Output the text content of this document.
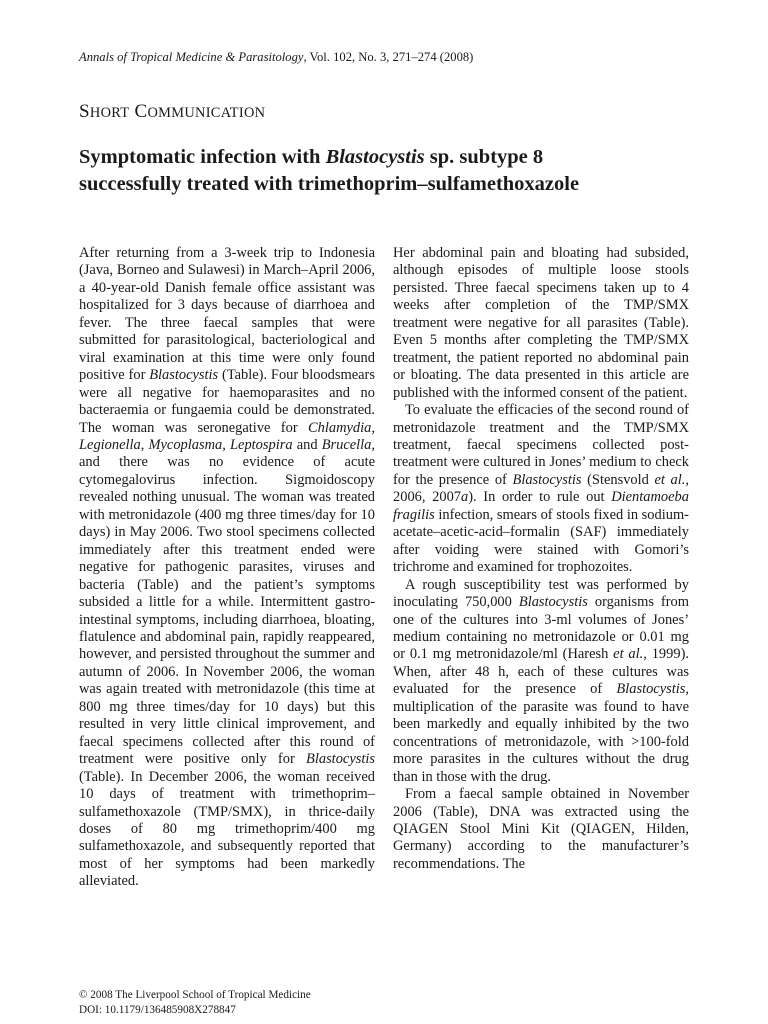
Annals of Tropical Medicine & Parasitology, Vol. 102, No. 3, 271–274 (2008)
SHORT COMMUNICATION
Symptomatic infection with Blastocystis sp. subtype 8
successfully treated with trimethoprim–sulfamethoxazole

After returning from a 3-week trip to Indonesia (Java, Borneo and Sulawesi) in March–April 2006, a 40-year-old Danish female office assistant was hospitalized for 3 days because of diarrhoea and fever. The three faecal samples that were submitted for parasitological, bacteriological and viral examination at this time were only found positive for Blastocystis (Table). Four bloodsmears were all negative for haemoparasites and no bacteraemia or fungaemia could be demonstrated. The woman was seronegative for Chlamydia, Legionella, Mycoplasma, Leptospira and Brucella, and there was no evidence of acute cytomegalovirus infection. Sigmoidoscopy revealed nothing unusual. The woman was treated with metronidazole (400 mg three times/day for 10 days) in May 2006. Two stool specimens collected immediately after this treatment ended were negative for pathogenic parasites, viruses and bacteria (Table) and the patient’s symptoms subsided a little for a while. Intermittent gastro-intestinal symptoms, including diarrhoea, bloating, flatulence and abdominal pain, rapidly reappeared, however, and persisted throughout the summer and autumn of 2006. In November 2006, the woman was again treated with metronidazole (this time at 800 mg three times/day for 10 days) but this resulted in very little clinical improvement, and faecal specimens collected after this round of treatment were positive only for Blastocystis (Table). In December 2006, the woman received 10 days of treatment with trimethoprim–sulfamethoxazole (TMP/SMX), in thrice-daily doses of 80 mg trimethoprim/400 mg sulfamethoxazole, and subsequently reported that most of her symptoms had been markedly alleviated.

Her abdominal pain and bloating had subsided, although episodes of multiple loose stools persisted. Three faecal specimens taken up to 4 weeks after completion of the TMP/SMX treatment were negative for all parasites (Table). Even 5 months after completing the TMP/SMX treatment, the patient reported no abdominal pain or bloating. The data presented in this article are published with the informed consent of the patient.

To evaluate the efficacies of the second round of metronidazole treatment and the TMP/SMX treatment, faecal specimens collected post-treatment were cultured in Jones’ medium to check for the presence of Blastocystis (Stensvold et al., 2006, 2007a). In order to rule out Dientamoeba fragilis infection, smears of stools fixed in sodium-acetate–acetic-acid–formalin (SAF) immediately after voiding were stained with Gomori’s trichrome and examined for trophozoites.

A rough susceptibility test was performed by inoculating 750,000 Blastocystis organisms from one of the cultures into 3-ml volumes of Jones’ medium containing no metronidazole or 0.01 mg or 0.1 mg metronidazole/ml (Haresh et al., 1999). When, after 48 h, each of these cultures was evaluated for the presence of Blastocystis, multiplication of the parasite was found to have been markedly and equally inhibited by the two concentrations of metronidazole, with >100-fold more parasites in the cultures without the drug than in those with the drug.

From a faecal sample obtained in November 2006 (Table), DNA was extracted using the QIAGEN Stool Mini Kit (QIAGEN, Hilden, Germany) according to the manufacturer’s recommendations. The

© 2008 The Liverpool School of Tropical Medicine
DOI: 10.1179/136485908X278847
